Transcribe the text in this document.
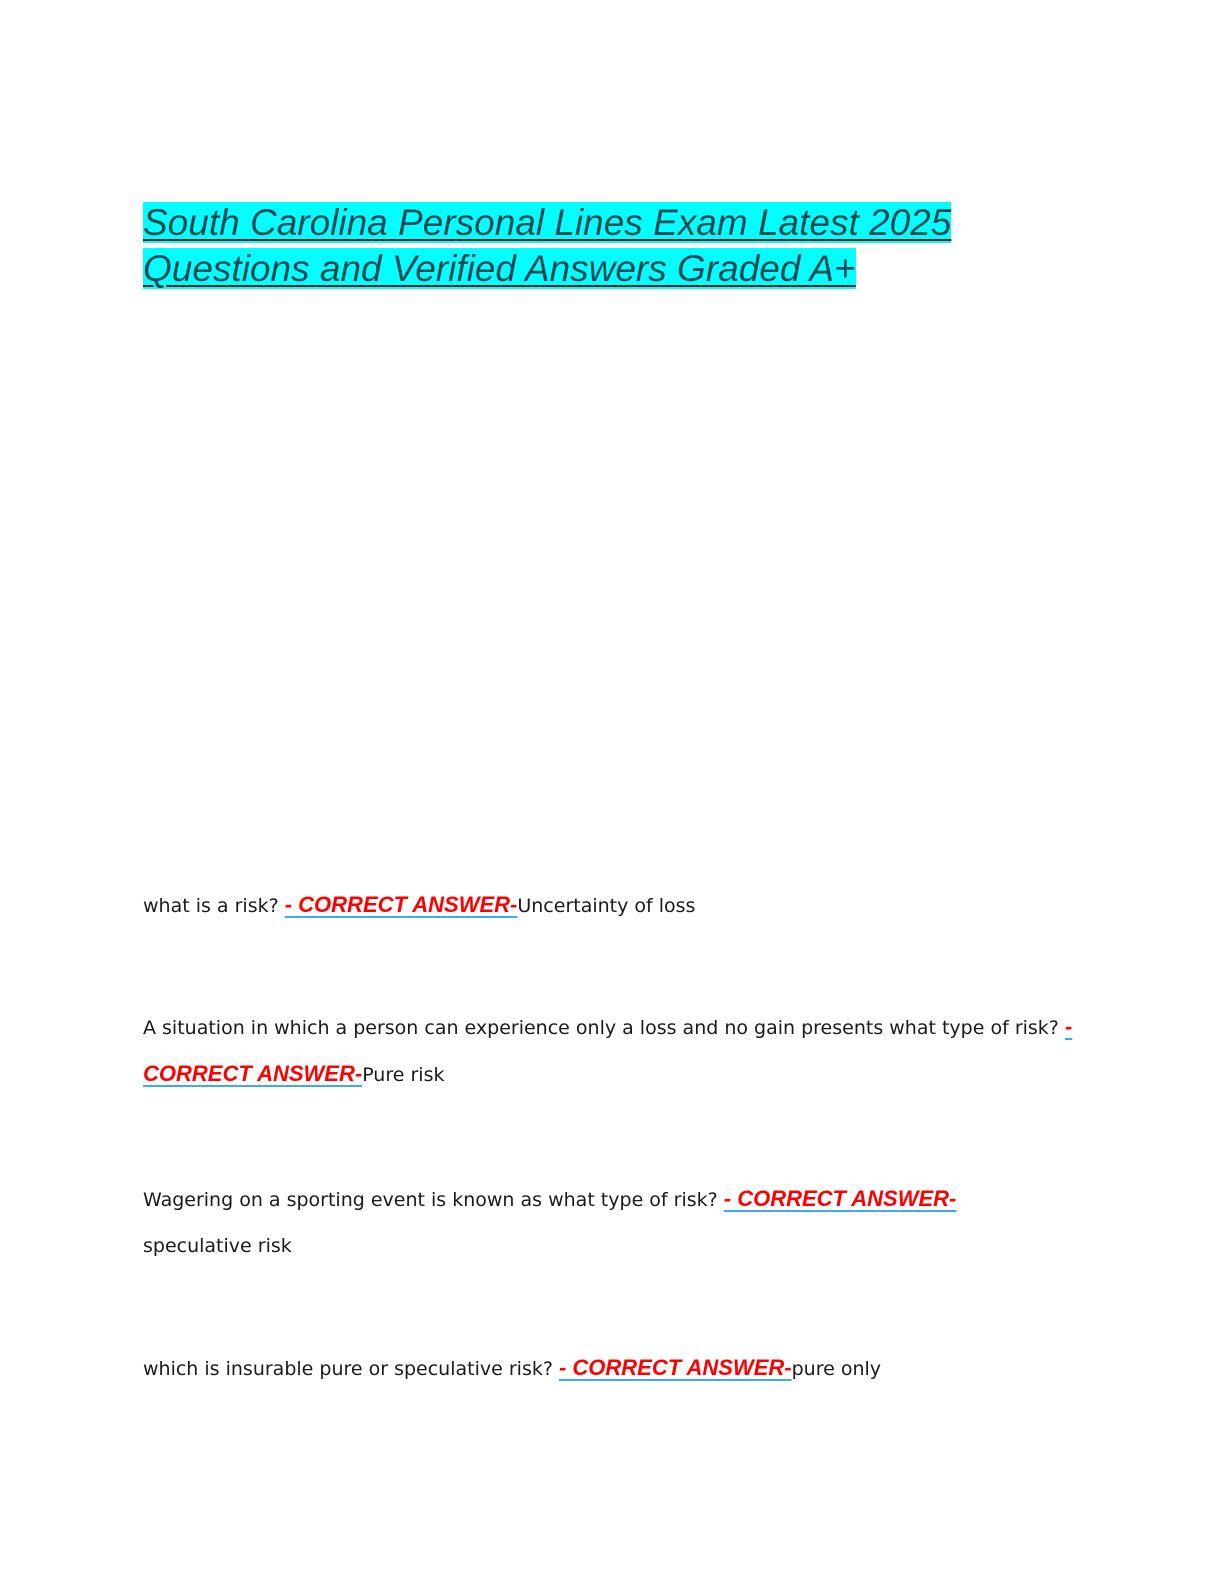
South Carolina Personal Lines Exam Latest 2025
Questions and Verified Answers Graded A+

what is a risk? - CORRECT ANSWER-Uncertainty of loss

A situation in which a person can experience only a loss and no gain presents what type of risk? - CORRECT ANSWER-Pure risk

Wagering on a sporting event is known as what type of risk? - CORRECT ANSWER-
speculative risk

which is insurable pure or speculative risk? - CORRECT ANSWER-pure only
